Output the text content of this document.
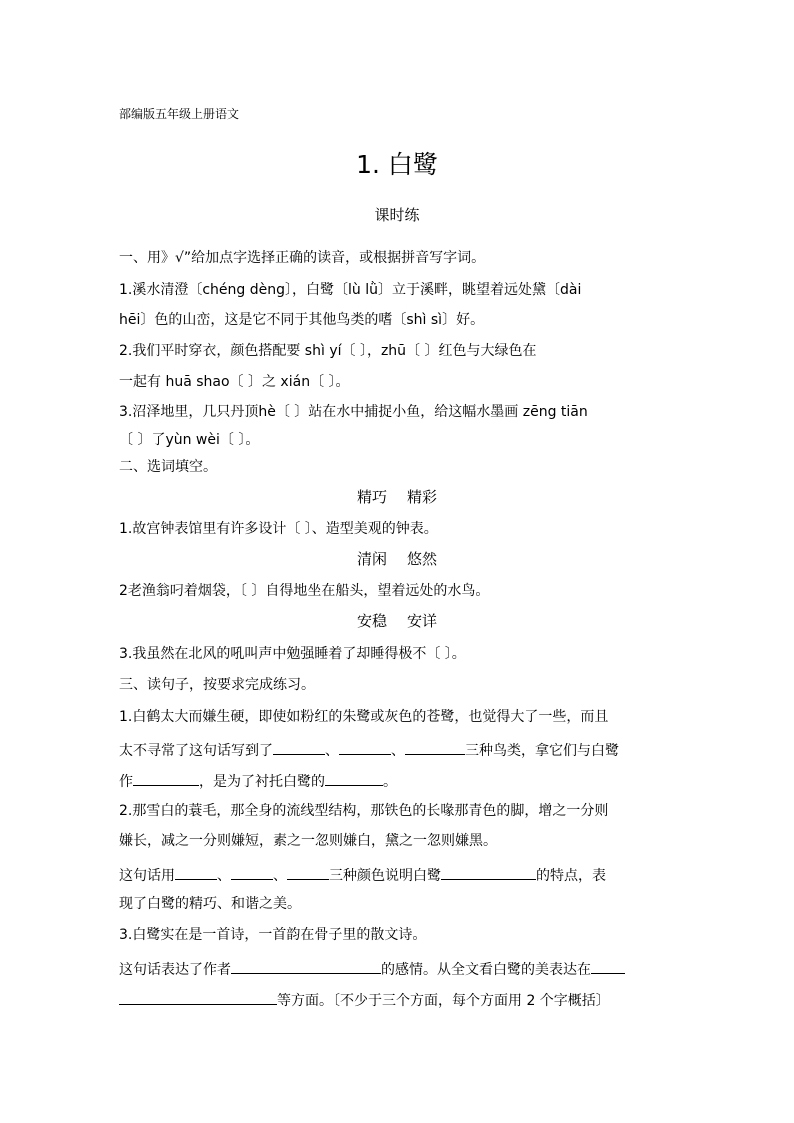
部编版五年级上册语文
1. 白鹭
课时练
一、用》√”给加点字选择正确的读音，或根据拼音写字词。
1.溪水清澄〔chéng dèng〕，白鹭〔lù lǜ〕立于溪畔，眺望着远处黛〔dài
hēi〕色的山峦，这是它不同于其他鸟类的嗜〔shì sì〕好。
2.我们平时穿衣，颜色搭配要 shì yí〔 〕，zhū〔 〕红色与大绿色在
一起有 huā shao〔 〕之 xián〔 〕。
3.沼泽地里，几只丹顶hè〔 〕站在水中捕捉小鱼，给这幅水墨画 zēng tiān
〔 〕了yùn wèi〔 〕。
二、选词填空。
精巧 精彩
1.故宫钟表馆里有许多设计〔 〕、造型美观的钟表。
清闲 悠然
2老渔翁叼着烟袋，〔 〕自得地坐在船头，望着远处的水鸟。
安稳 安详
3.我虽然在北风的吼叫声中勉强睡着了却睡得极不〔 〕。
三、读句子，按要求完成练习。
1.白鹤太大而嫌生硬，即使如粉红的朱鹭或灰色的苍鹭，也觉得大了一些，而且
太不寻常了这句话写到了	、	、	三种鸟类，拿它们与白鹭
作	，是为了衬托白鹭的	。
2.那雪白的蓑毛，那全身的流线型结构，那铁色的长喙那青色的脚，增之一分则
嫌长，减之一分则嫌短，素之一忽则嫌白，黛之一忽则嫌黑。
这句话用	、	、	三种颜色说明白鹭	的特点，表
现了白鹭的精巧、和谐之美。
3.白鹭实在是一首诗，一首韵在骨子里的散文诗。
这句话表达了作者	的感情。从全文看白鹭的美表达在
等方面。〔不少于三个方面，每个方面用 2 个字概括〕
